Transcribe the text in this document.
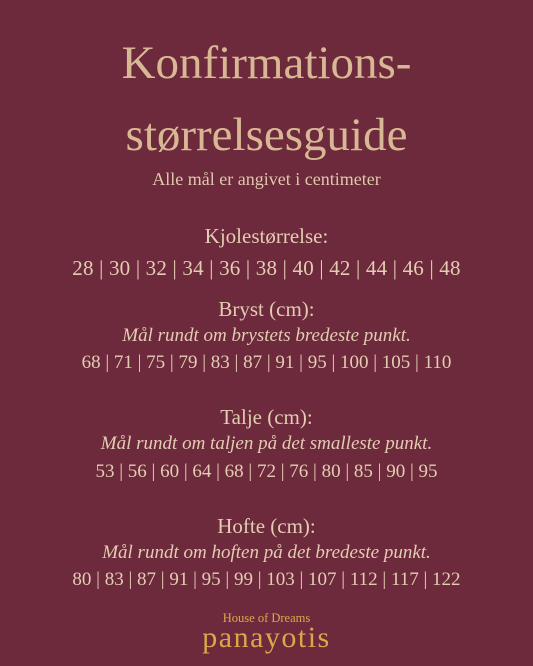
Konfirmations-
størrelsesguide
Alle mål er angivet i centimeter
Kjolestørrelse:
28 | 30 | 32 | 34 | 36 | 38 | 40 | 42 | 44 | 46 | 48
Bryst (cm):
Mål rundt om brystets bredeste punkt.
68 | 71 | 75 | 79 | 83 | 87 | 91 | 95 | 100 | 105 | 110
Talje (cm):
Mål rundt om taljen på det smalleste punkt.
53 | 56 | 60 | 64 | 68 | 72 | 76 | 80 | 85 | 90 | 95
Hofte (cm):
Mål rundt om hoften på det bredeste punkt.
80 | 83 | 87 | 91 | 95 | 99 | 103 | 107 | 112 | 117 | 122
House of Dreams
panayotis
